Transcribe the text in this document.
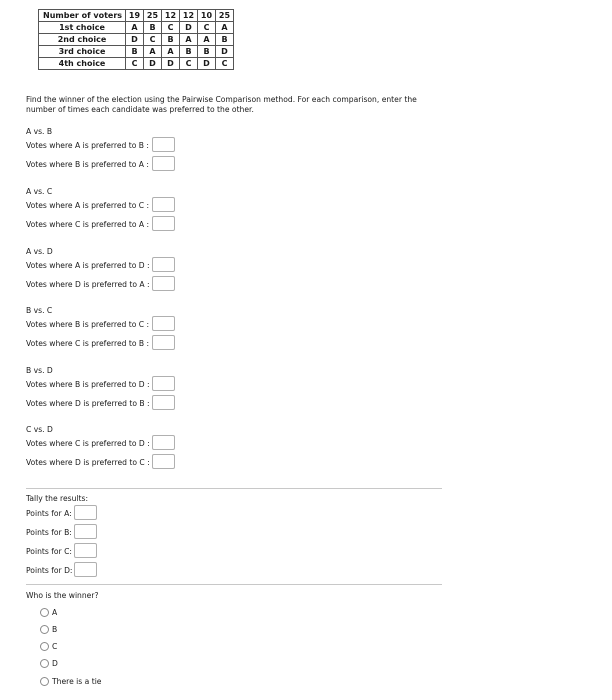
Number of voters	19	25	12	12	10	25
1st choice	A	B	C	D	C	A
2nd choice	D	C	B	A	A	B
3rd choice	B	A	A	B	B	D
4th choice	C	D	D	C	D	C
Find the winner of the election using the Pairwise Comparison method. For each comparison, enter the number of times each candidate was preferred to the other.
A vs. B
Votes where A is preferred to B :
Votes where B is preferred to A :
A vs. C
Votes where A is preferred to C :
Votes where C is preferred to A :
A vs. D
Votes where A is preferred to D :
Votes where D is preferred to A :
B vs. C
Votes where B is preferred to C :
Votes where C is preferred to B :
B vs. D
Votes where B is preferred to D :
Votes where D is preferred to B :
C vs. D
Votes where C is preferred to D :
Votes where D is preferred to C :
Tally the results:
Points for A:
Points for B:
Points for C:
Points for D:
Who is the winner?
A
B
C
D
There is a tie
